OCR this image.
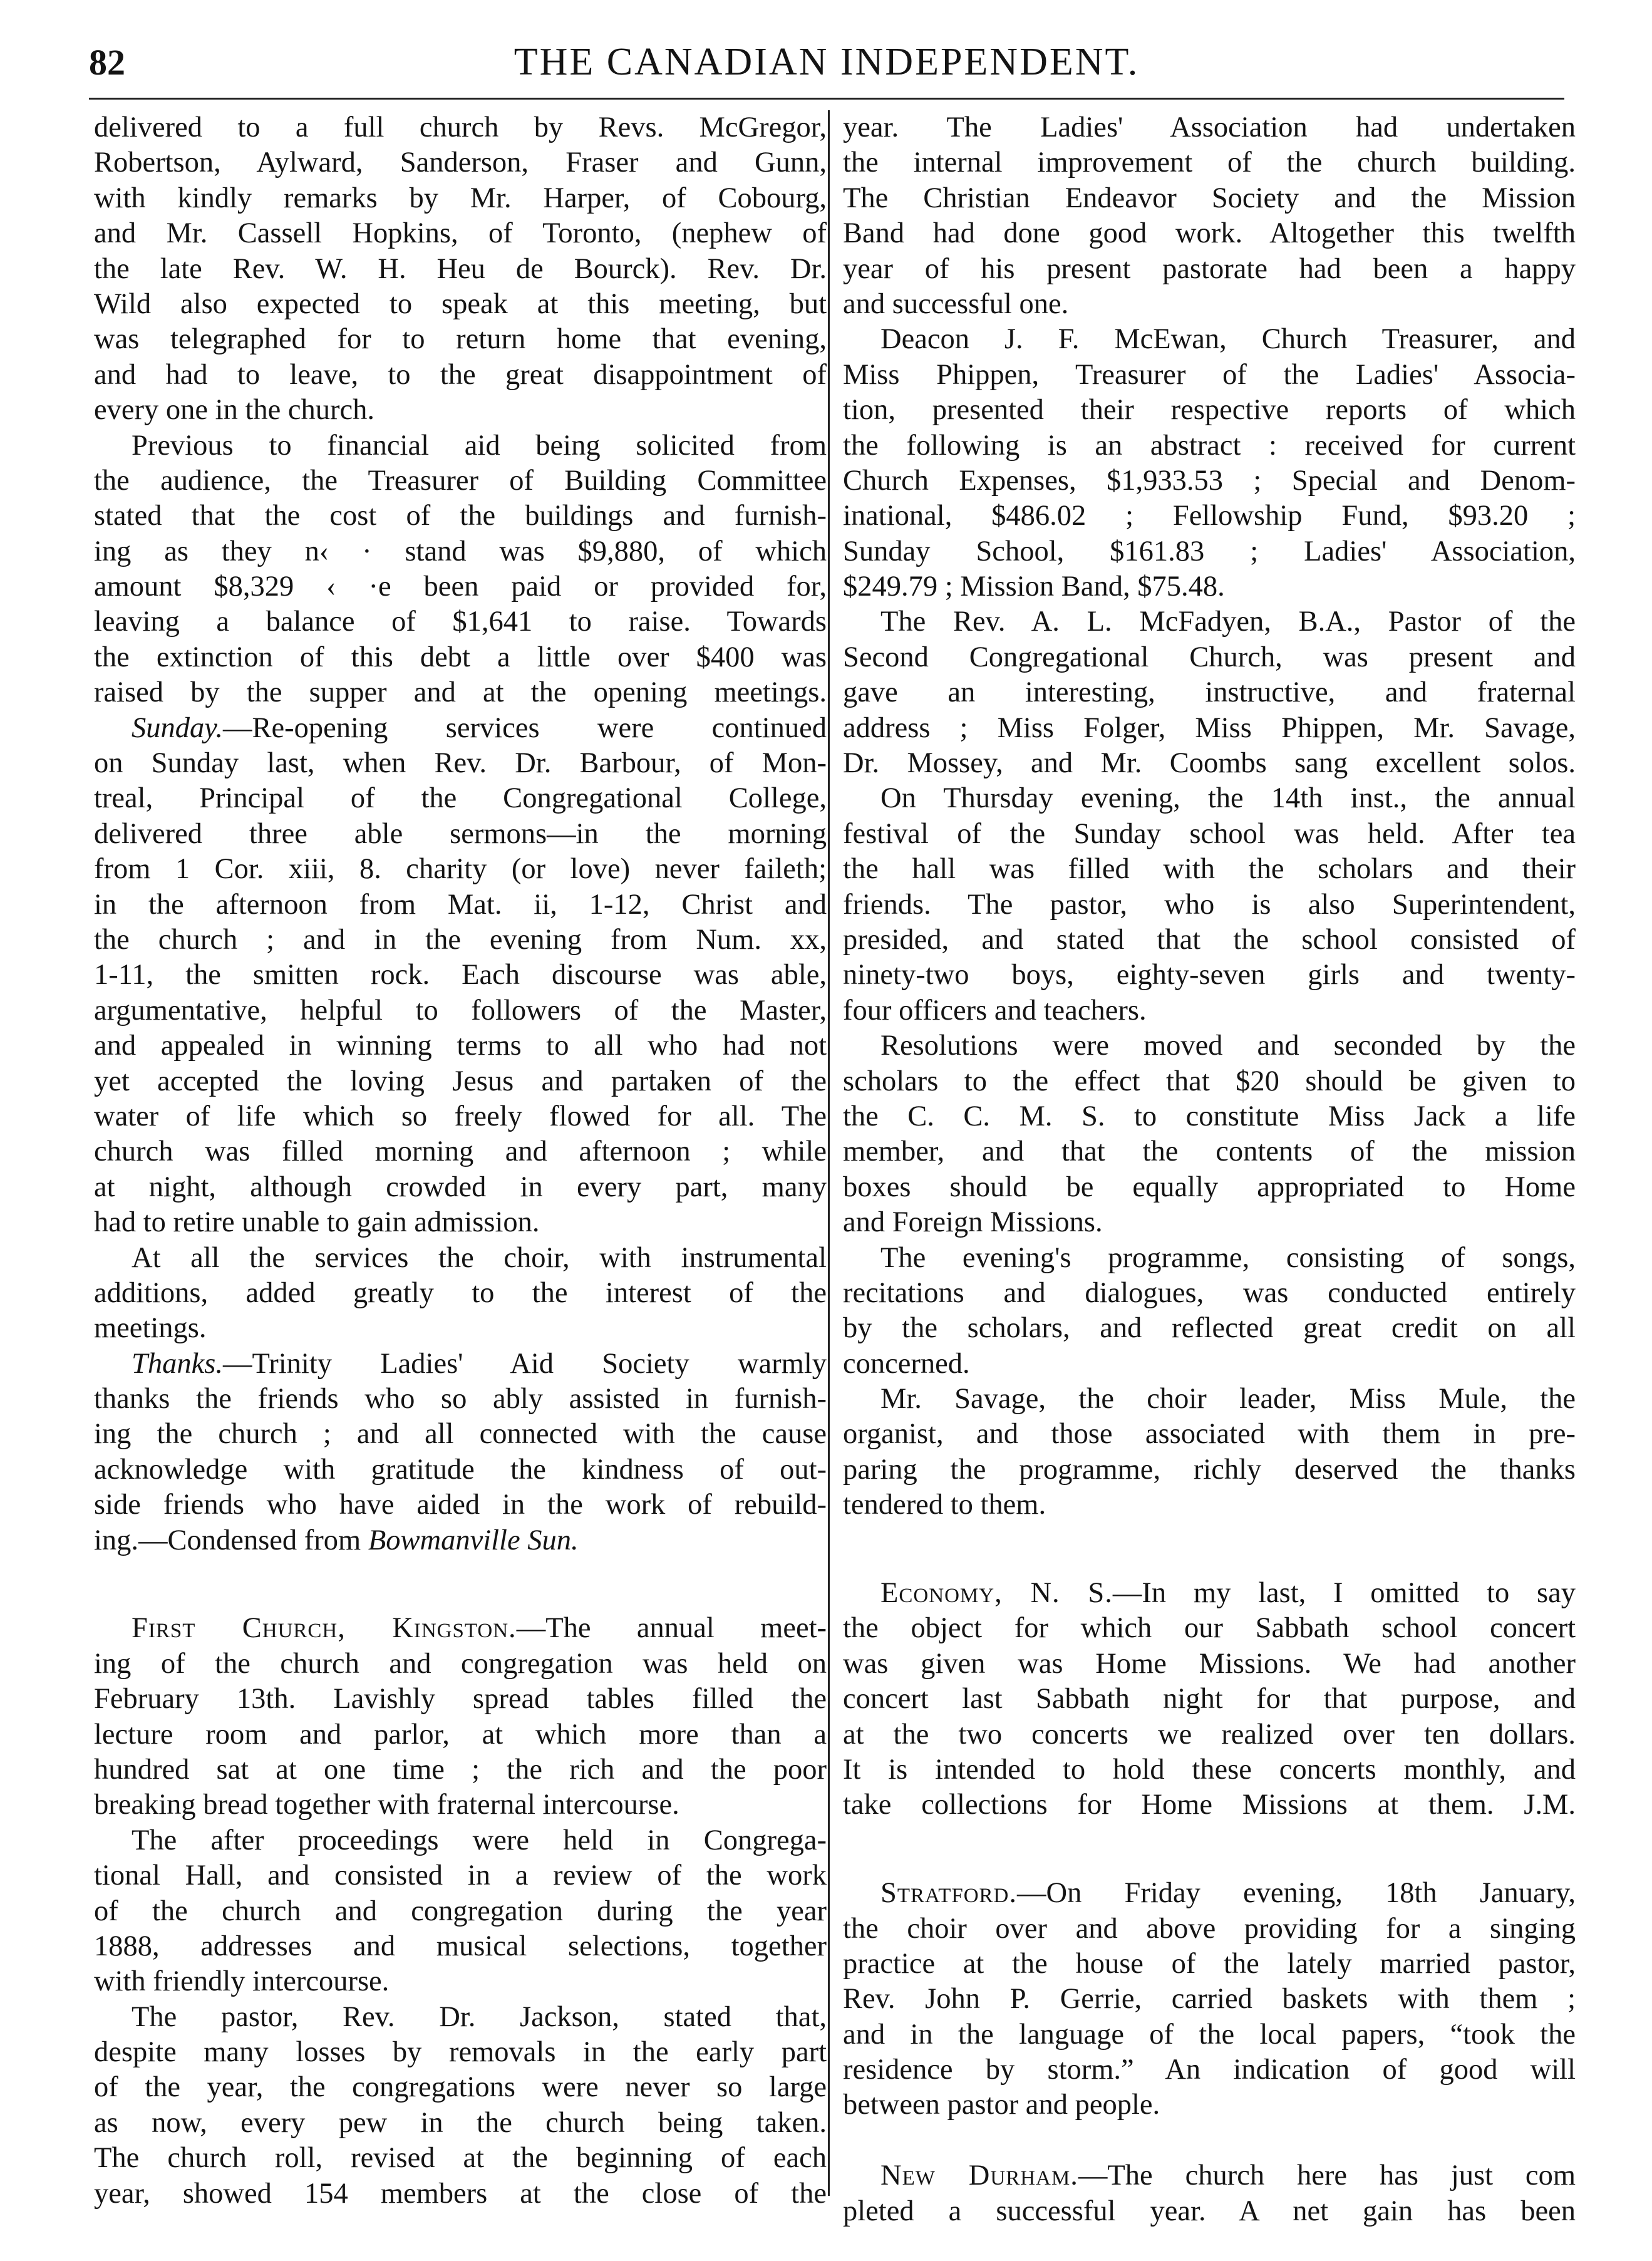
82	THE CANADIAN INDEPENDENT.
delivered to a full church by Revs. McGregor,
Robertson, Aylward, Sanderson, Fraser and Gunn,
with kindly remarks by Mr. Harper, of Cobourg,
and Mr. Cassell Hopkins, of Toronto, (nephew of
the late Rev. W. H. Heu de Bourck). Rev. Dr.
Wild also expected to speak at this meeting, but
was telegraphed for to return home that evening,
and had to leave, to the great disappointment of
every one in the church.
Previous to financial aid being solicited from
the audience, the Treasurer of Building Committee
stated that the cost of the buildings and furnish-
ing as they n‹ · stand was $9,880, of which
amount $8,329 ‹ ·e been paid or provided for,
leaving a balance of $1,641 to raise. Towards
the extinction of this debt a little over $400 was
raised by the supper and at the opening meetings.
Sunday.—Re-opening services were continued
on Sunday last, when Rev. Dr. Barbour, of Mon-
treal, Principal of the Congregational College,
delivered three able sermons—in the morning
from 1 Cor. xiii, 8. charity (or love) never faileth;
in the afternoon from Mat. ii, 1-12, Christ and
the church ; and in the evening from Num. xx,
1-11, the smitten rock. Each discourse was able,
argumentative, helpful to followers of the Master,
and appealed in winning terms to all who had not
yet accepted the loving Jesus and partaken of the
water of life which so freely flowed for all. The
church was filled morning and afternoon ; while
at night, although crowded in every part, many
had to retire unable to gain admission.
At all the services the choir, with instrumental
additions, added greatly to the interest of the
meetings.
Thanks.—Trinity Ladies' Aid Society warmly
thanks the friends who so ably assisted in furnish-
ing the church ; and all connected with the cause
acknowledge with gratitude the kindness of out-
side friends who have aided in the work of rebuild-
ing.—Condensed from Bowmanville Sun.
First Church, Kingston.—The annual meet-
ing of the church and congregation was held on
February 13th. Lavishly spread tables filled the
lecture room and parlor, at which more than a
hundred sat at one time ; the rich and the poor
breaking bread together with fraternal intercourse.
The after proceedings were held in Congrega-
tional Hall, and consisted in a review of the work
of the church and congregation during the year
1888, addresses and musical selections, together
with friendly intercourse.
The pastor, Rev. Dr. Jackson, stated that,
despite many losses by removals in the early part
of the year, the congregations were never so large
as now, every pew in the church being taken.
The church roll, revised at the beginning of each
year, showed 154 members at the close of the
year. The Ladies' Association had undertaken
the internal improvement of the church building.
The Christian Endeavor Society and the Mission
Band had done good work. Altogether this twelfth
year of his present pastorate had been a happy
and successful one.
Deacon J. F. McEwan, Church Treasurer, and
Miss Phippen, Treasurer of the Ladies' Associa-
tion, presented their respective reports of which
the following is an abstract : received for current
Church Expenses, $1,933.53 ; Special and Denom-
inational, $486.02 ; Fellowship Fund, $93.20 ;
Sunday School, $161.83 ; Ladies' Association,
$249.79 ; Mission Band, $75.48.
The Rev. A. L. McFadyen, B.A., Pastor of the
Second Congregational Church, was present and
gave an interesting, instructive, and fraternal
address ; Miss Folger, Miss Phippen, Mr. Savage,
Dr. Mossey, and Mr. Coombs sang excellent solos.
On Thursday evening, the 14th inst., the annual
festival of the Sunday school was held. After tea
the hall was filled with the scholars and their
friends. The pastor, who is also Superintendent,
presided, and stated that the school consisted of
ninety-two boys, eighty-seven girls and twenty-
four officers and teachers.
Resolutions were moved and seconded by the
scholars to the effect that $20 should be given to
the C. C. M. S. to constitute Miss Jack a life
member, and that the contents of the mission
boxes should be equally appropriated to Home
and Foreign Missions.
The evening's programme, consisting of songs,
recitations and dialogues, was conducted entirely
by the scholars, and reflected great credit on all
concerned.
Mr. Savage, the choir leader, Miss Mule, the
organist, and those associated with them in pre-
paring the programme, richly deserved the thanks
tendered to them.
Economy, N. S.—In my last, I omitted to say
the object for which our Sabbath school concert
was given was Home Missions. We had another
concert last Sabbath night for that purpose, and
at the two concerts we realized over ten dollars.
It is intended to hold these concerts monthly, and
take collections for Home Missions at them. J.M.
Stratford.—On Friday evening, 18th January,
the choir over and above providing for a singing
practice at the house of the lately married pastor,
Rev. John P. Gerrie, carried baskets with them ;
and in the language of the local papers, “took the
residence by storm.” An indication of good will
between pastor and people.
New Durham.—The church here has just com
pleted a successful year. A net gain has been
